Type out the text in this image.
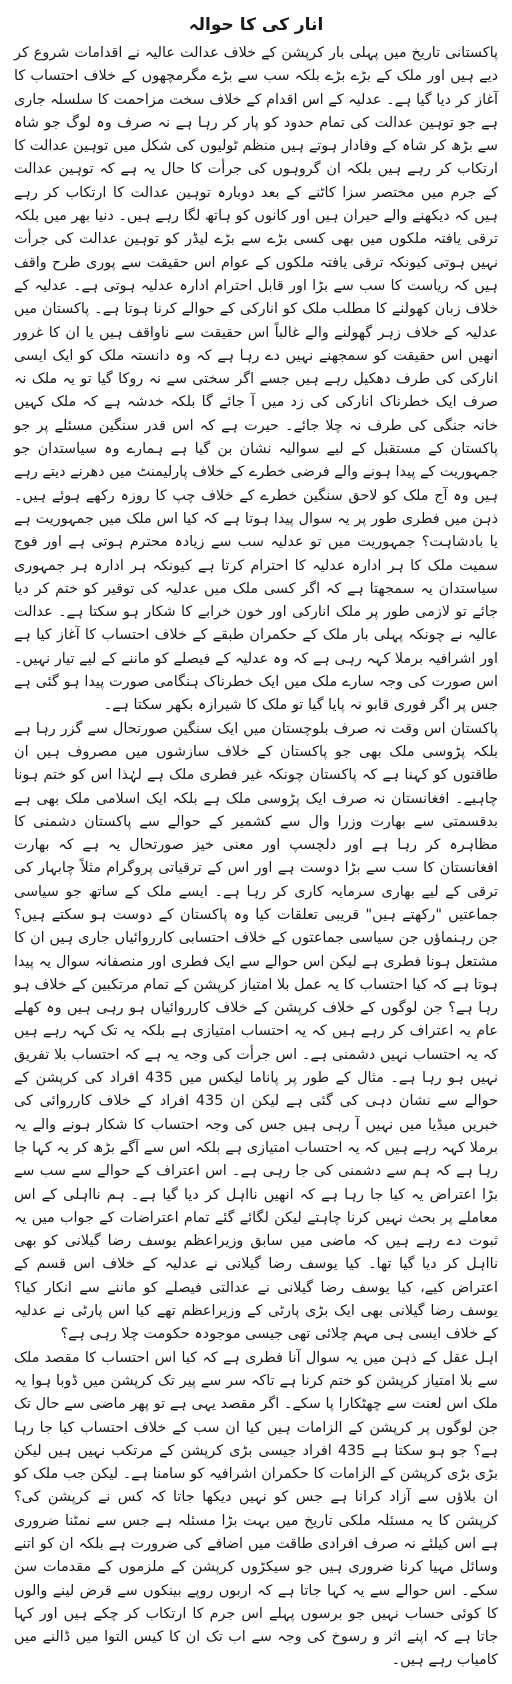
انار کی کا حوالہ

پاکستانی تاریخ میں پہلی بار کرپشن کے خلاف عدالت عالیہ نے اقدامات شروع کر دیے ہیں اور ملک کے بڑے بڑے بلکہ سب سے بڑے مگرمچھوں کے خلاف احتساب کا آغاز کر دیا گیا ہے۔ عدلیہ کے اس اقدام کے خلاف سخت مزاحمت کا سلسلہ جاری ہے جو توہین عدالت کی تمام حدود کو پار کر رہا ہے نہ صرف وہ لوگ جو شاہ سے بڑھ کر شاہ کے وفادار ہوتے ہیں منظم ٹولیوں کی شکل میں توہین عدالت کا ارتکاب کر رہے ہیں بلکہ ان گروہوں کی جرأت کا حال یہ ہے کہ توہین عدالت کے جرم میں مختصر سزا کاٹنے کے بعد دوبارہ توہین عدالت کا ارتکاب کر رہے ہیں کہ دیکھنے والے حیران ہیں اور کانوں کو ہاتھ لگا رہے ہیں۔ دنیا بھر میں بلکہ ترقی یافتہ ملکوں میں بھی کسی بڑے سے بڑے لیڈر کو توہین عدالت کی جرأت نہیں ہوتی کیونکہ ترقی یافتہ ملکوں کے عوام اس حقیقت سے پوری طرح واقف ہیں کہ ریاست کا سب سے بڑا اور قابل احترام ادارہ عدلیہ ہوتی ہے۔ عدلیہ کے خلاف زبان کھولنے کا مطلب ملک کو انارکی کے حوالے کرنا ہوتا ہے۔ پاکستان میں عدلیہ کے خلاف زہر گھولنے والے غالباً اس حقیقت سے ناواقف ہیں یا ان کا غرور انھیں اس حقیقت کو سمجھنے نہیں دے رہا ہے کہ وہ دانستہ ملک کو ایک ایسی انارکی کی طرف دھکیل رہے ہیں جسے اگر سختی سے نہ روکا گیا تو یہ ملک نہ صرف ایک خطرناک انارکی کی زد میں آ جائے گا بلکہ خدشہ ہے کہ ملک کہیں خانہ جنگی کی طرف نہ چلا جائے۔ حیرت ہے کہ اس قدر سنگین مسئلے پر جو پاکستان کے مستقبل کے لیے سوالیہ نشان بن گیا ہے ہمارے وہ سیاستدان جو جمہوریت کے پیدا ہونے والے فرضی خطرے کے خلاف پارلیمنٹ میں دھرنے دیتے رہے ہیں وہ آج ملک کو لاحق سنگین خطرے کے خلاف چپ کا روزہ رکھے ہوئے ہیں۔ ذہن میں فطری طور پر یہ سوال پیدا ہوتا ہے کہ کیا اس ملک میں جمہوریت ہے یا بادشاہت؟ جمہوریت میں تو عدلیہ سب سے زیادہ محترم ہوتی ہے اور فوج سمیت ملک کا ہر ادارہ عدلیہ کا احترام کرتا ہے کیونکہ ہر ادارہ ہر جمہوری سیاستدان یہ سمجھتا ہے کہ اگر کسی ملک میں عدلیہ کی توقیر کو ختم کر دیا جائے تو لازمی طور پر ملک انارکی اور خون خرابے کا شکار ہو سکتا ہے۔ عدالت عالیہ نے چونکہ پہلی بار ملک کے حکمران طبقے کے خلاف احتساب کا آغاز کیا ہے اور اشرافیہ برملا کہہ رہی ہے کہ وہ عدلیہ کے فیصلے کو ماننے کے لیے تیار نہیں۔ اس صورت کی وجہ سارے ملک میں ایک خطرناک ہنگامی صورت پیدا ہو گئی ہے جس پر اگر فوری قابو نہ پایا گیا تو ملک کا شیرازہ بکھر سکتا ہے۔

پاکستان اس وقت نہ صرف بلوچستان میں ایک سنگین صورتحال سے گزر رہا ہے بلکہ پڑوسی ملک بھی جو پاکستان کے خلاف سازشوں میں مصروف ہیں ان طاقتوں کو کہنا ہے کہ پاکستان چونکہ غیر فطری ملک ہے لہٰذا اس کو ختم ہونا چاہیے۔ افغانستان نہ صرف ایک پڑوسی ملک ہے بلکہ ایک اسلامی ملک بھی ہے بدقسمتی سے بھارت وزرا وال سے کشمیر کے حوالے سے پاکستان دشمنی کا مظاہرہ کر رہا ہے اور دلچسپ اور معنی خیز صورتحال یہ ہے کہ بھارت افغانستان کا سب سے بڑا دوست ہے اور اس کے ترقیاتی پروگرام مثلاً چابہار کی ترقی کے لیے بھاری سرمایہ کاری کر رہا ہے۔ ایسے ملک کے ساتھ جو سیاسی جماعتیں "رکھتے ہیں" قریبی تعلقات کیا وہ پاکستان کے دوست ہو سکتے ہیں؟ جن رہنماؤں جن سیاسی جماعتوں کے خلاف احتسابی کارروائیاں جاری ہیں ان کا مشتعل ہونا فطری ہے لیکن اس حوالے سے ایک فطری اور منصفانہ سوال یہ پیدا ہوتا ہے کہ کیا احتساب کا یہ عمل بلا امتیاز کرپشن کے تمام مرتکبین کے خلاف ہو رہا ہے؟ جن لوگوں کے خلاف کرپشن کے خلاف کارروائیاں ہو رہی ہیں وہ کھلے عام یہ اعتراف کر رہے ہیں کہ یہ احتساب امتیازی ہے بلکہ یہ تک کہہ رہے ہیں کہ یہ احتساب نہیں دشمنی ہے۔ اس جرأت کی وجہ یہ ہے کہ احتساب بلا تفریق نہیں ہو رہا ہے۔ مثال کے طور پر پاناما لیکس میں 435 افراد کی کرپشن کے حوالے سے نشان دہی کی گئی ہے لیکن ان 435 افراد کے خلاف کارروائی کی خبریں میڈیا میں نہیں آ رہی ہیں جس کی وجہ احتساب کا شکار ہونے والے یہ برملا کہہ رہے ہیں کہ یہ احتساب امتیازی ہے بلکہ اس سے آگے بڑھ کر یہ کہا جا رہا ہے کہ ہم سے دشمنی کی جا رہی ہے۔ اس اعتراف کے حوالے سے سب سے بڑا اعتراض یہ کیا جا رہا ہے کہ انھیں نااہل کر دیا گیا ہے۔ ہم نااہلی کے اس معاملے پر بحث نہیں کرنا چاہتے لیکن لگائے گئے تمام اعتراضات کے جواب میں یہ ثبوت دے رہے ہیں کہ ماضی میں سابق وزیراعظم یوسف رضا گیلانی کو بھی نااہل کر دیا گیا تھا۔ کیا یوسف رضا گیلانی نے عدلیہ کے خلاف اس قسم کے اعتراض کیے، کیا یوسف رضا گیلانی نے عدالتی فیصلے کو ماننے سے انکار کیا؟ یوسف رضا گیلانی بھی ایک بڑی پارٹی کے وزیراعظم تھے کیا اس پارٹی نے عدلیہ کے خلاف ایسی ہی مہم چلائی تھی جیسی موجودہ حکومت چلا رہی ہے؟

اہل عقل کے ذہن میں یہ سوال آنا فطری ہے کہ کیا اس احتساب کا مقصد ملک سے بلا امتیاز کرپشن کو ختم کرنا ہے تاکہ سر سے پیر تک کرپشن میں ڈوبا ہوا یہ ملک اس لعنت سے چھٹکارا پا سکے۔ اگر مقصد یہی ہے تو پھر ماضی سے حال تک جن لوگوں پر کرپشن کے الزامات ہیں کیا ان سب کے خلاف احتساب کیا جا رہا ہے؟ جو ہو سکتا ہے 435 افراد جیسی بڑی کرپشن کے مرتکب نہیں ہیں لیکن بڑی بڑی کرپشن کے الزامات کا حکمران اشرافیہ کو سامنا ہے۔ لیکن جب ملک کو ان بلاؤں سے آزاد کرانا ہے جس کو نہیں دیکھا جاتا کہ کس نے کرپشن کی؟ کرپشن کا یہ مسئلہ ملکی تاریخ میں بہت بڑا مسئلہ ہے جس سے نمٹنا ضروری ہے اس کیلئے نہ صرف افرادی طاقت میں اضافے کی ضرورت ہے بلکہ ان کو اتنے وسائل مہیا کرنا ضروری ہیں جو سیکڑوں کرپشن کے ملزموں کے مقدمات سن سکے۔ اس حوالے سے یہ کہا جاتا ہے کہ اربوں روپے بینکوں سے قرض لینے والوں کا کوئی حساب نہیں جو برسوں پہلے اس جرم کا ارتکاب کر چکے ہیں اور کہا جاتا ہے کہ اپنے اثر و رسوخ کی وجہ سے اب تک ان کا کیس التوا میں ڈالنے میں کامیاب رہے ہیں۔
